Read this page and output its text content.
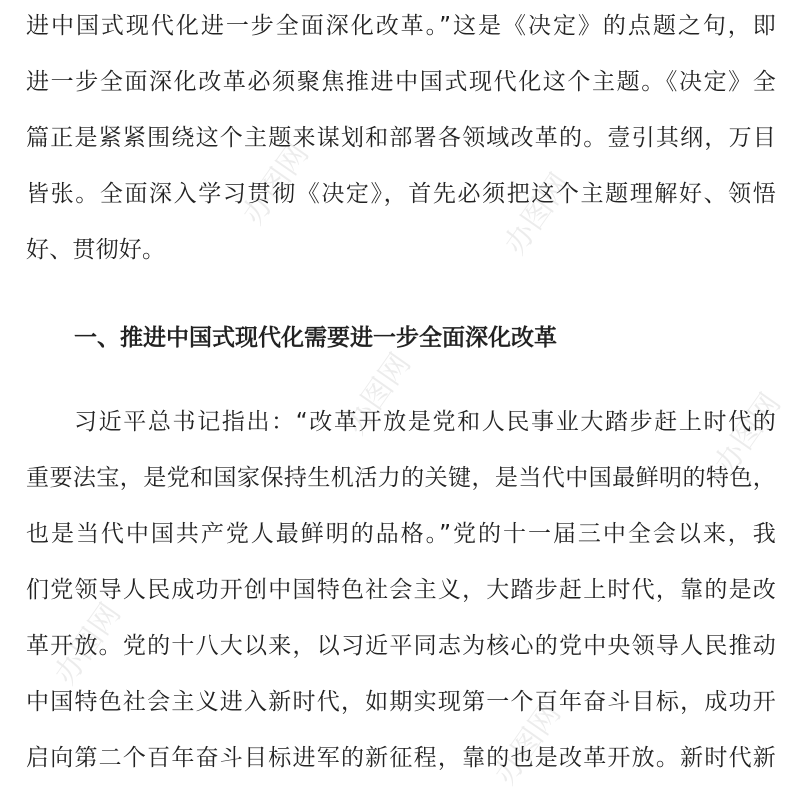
办图网	办图网
办图网	办图网
办图网
办图网
进中国式现代化进一步全面深化改革。”这是《决定》的点题之句，即
进一步全面深化改革必须聚焦推进中国式现代化这个主题。《决定》全
篇正是紧紧围绕这个主题来谋划和部署各领域改革的。壹引其纲，万目
皆张。全面深入学习贯彻《决定》，首先必须把这个主题理解好、领悟
好、贯彻好。
一、推进中国式现代化需要进一步全面深化改革
习近平总书记指出：“改革开放是党和人民事业大踏步赶上时代的
重要法宝，是党和国家保持生机活力的关键，是当代中国最鲜明的特色，
也是当代中国共产党人最鲜明的品格。”党的十一届三中全会以来，我
们党领导人民成功开创中国特色社会主义，大踏步赶上时代，靠的是改
革开放。党的十八大以来，以习近平同志为核心的党中央领导人民推动
中国特色社会主义进入新时代，如期实现第一个百年奋斗目标，成功开
启向第二个百年奋斗目标进军的新征程，靠的也是改革开放。新时代新
